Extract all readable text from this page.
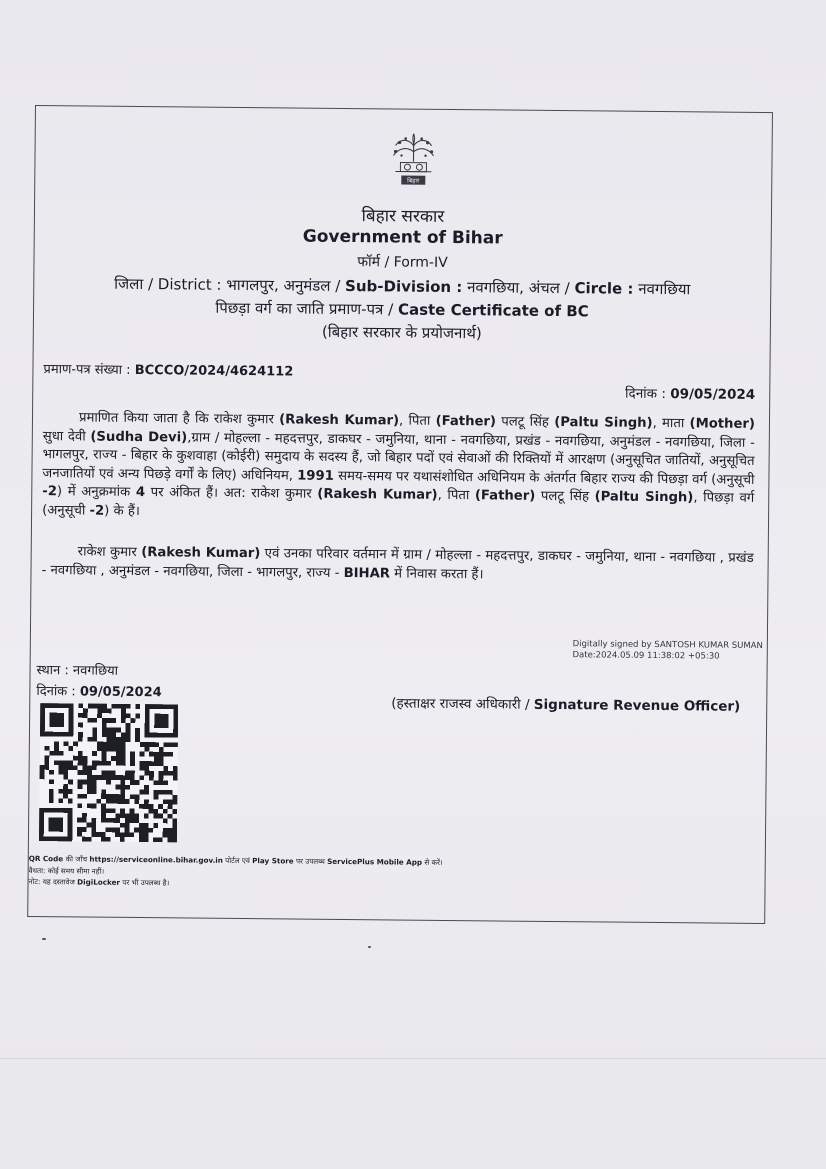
बिहार
बिहार सरकार
Government of Bihar
फॉर्म / Form-IV
जिला / District : भागलपुर, अनुमंडल / Sub-Division : नवगछिया, अंचल / Circle : नवगछिया
पिछड़ा वर्ग का जाति प्रमाण-पत्र / Caste Certificate of BC
(बिहार सरकार के प्रयोजनार्थ)
प्रमाण-पत्र संख्या : BCCCO/2024/4624112
दिनांक : 09/05/2024
प्रमाणित किया जाता है कि राकेश कुमार (Rakesh Kumar), पिता (Father) पलटू सिंह (Paltu Singh), माता (Mother) सुधा देवी (Sudha Devi),ग्राम / मोहल्ला - महदत्तपुर, डाकघर - जमुनिया, थाना - नवगछिया, प्रखंड - नवगछिया, अनुमंडल - नवगछिया, जिला - भागलपुर, राज्य - बिहार के कुशवाहा (कोईरी) समुदाय के सदस्य हैं, जो बिहार पदों एवं सेवाओं की रिक्तियों में आरक्षण (अनुसूचित जातियों, अनुसूचित जनजातियों एवं अन्य पिछड़े वर्गों के लिए) अधिनियम, 1991 समय-समय पर यथासंशोधित अधिनियम के अंतर्गत बिहार राज्य की पिछड़ा वर्ग (अनुसूची -2) में अनुक्रमांक 4 पर अंकित हैं। अत: राकेश कुमार (Rakesh Kumar), पिता (Father) पलटू सिंह (Paltu Singh), पिछड़ा वर्ग (अनुसूची -2) के हैं।
राकेश कुमार (Rakesh Kumar) एवं उनका परिवार वर्तमान में ग्राम / मोहल्ला - महदत्तपुर, डाकघर - जमुनिया, थाना - नवगछिया , प्रखंड - नवगछिया , अनुमंडल - नवगछिया, जिला - भागलपुर, राज्य - BIHAR में निवास करता हैं।
Digitally signed by SANTOSH KUMAR SUMAN
Date:2024.05.09 11:38:02 +05:30
स्थान : नवगछिया
दिनांक : 09/05/2024
(हस्ताक्षर राजस्व अधिकारी / Signature Revenue Officer)
QR Code की जाँच https://serviceonline.bihar.gov.in पोर्टल एवं Play Store पर उपलब्ध ServicePlus Mobile App से करें।
वैधता: कोई समय सीमा नहीं।
नोट: यह दस्तावेज DigiLocker पर भी उपलब्ध है।
